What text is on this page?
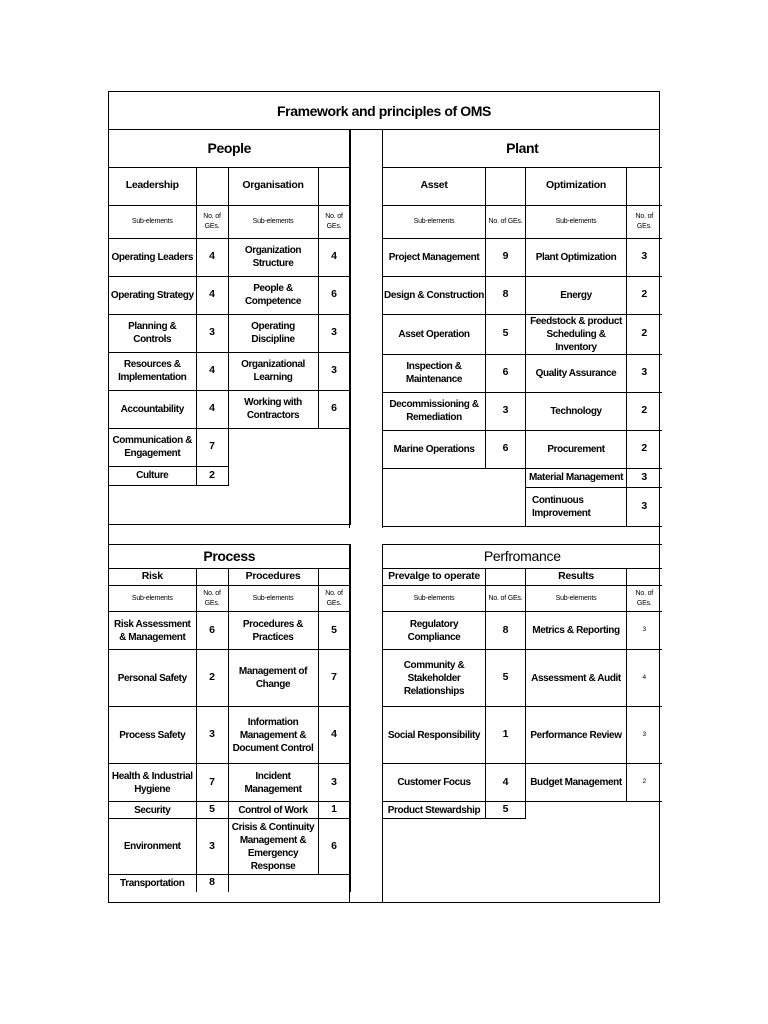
Framework and principles of OMS
People			
Leadership		Organisation	
Sub-elements	No. of GEs.	Sub-elements	No. of GEs.
Operating Leaders	4	Organization Structure	4
Operating Strategy	4	People & Competence	6
Planning & Controls	3	Operating Discipline	3
Resources & Implementation	4	Organizational Learning	3
Accountability	4	Working with Contractors	6
Communication & Engagement	7		
Culture	2		

Plant			
Asset		Optimization	
Sub-elements	No. of GEs.	Sub-elements	No. of GEs.
Project Management	9	Plant Optimization	3
Design & Construction	8	Energy	2
Asset Operation	5	Feedstock & product Scheduling & Inventory	2
Inspection & Maintenance	6	Quality Assurance	3
Decommissioning & Remediation	3	Technology	2
Marine Operations	6	Procurement	2
		Material Management	3
		Continuous Improvement	3

Process			
Risk		Procedures	
Sub-elements	No. of GEs.	Sub-elements	No. of GEs.
Risk Assessment & Management	6	Procedures & Practices	5
Personal Safety	2	Management of Change	7
Process Safety	3	Information Management & Document Control	4
Health & Industrial Hygiene	7	Incident Management	3
Security	5	Control of Work	1
Environment	3	Crisis & Continuity Management & Emergency Response	6
Transportation	8		
Perfromance			
Prevalge to operate		Results	
Sub-elements	No. of GEs.	Sub-elements	No. of GEs.
Regulatory Compliance	8	Metrics & Reporting	3
Community & Stakeholder Relationships	5	Assessment & Audit	4
Social Responsibility	1	Performance Review	3
Customer Focus	4	Budget Management	2
Product Stewardship	5		
